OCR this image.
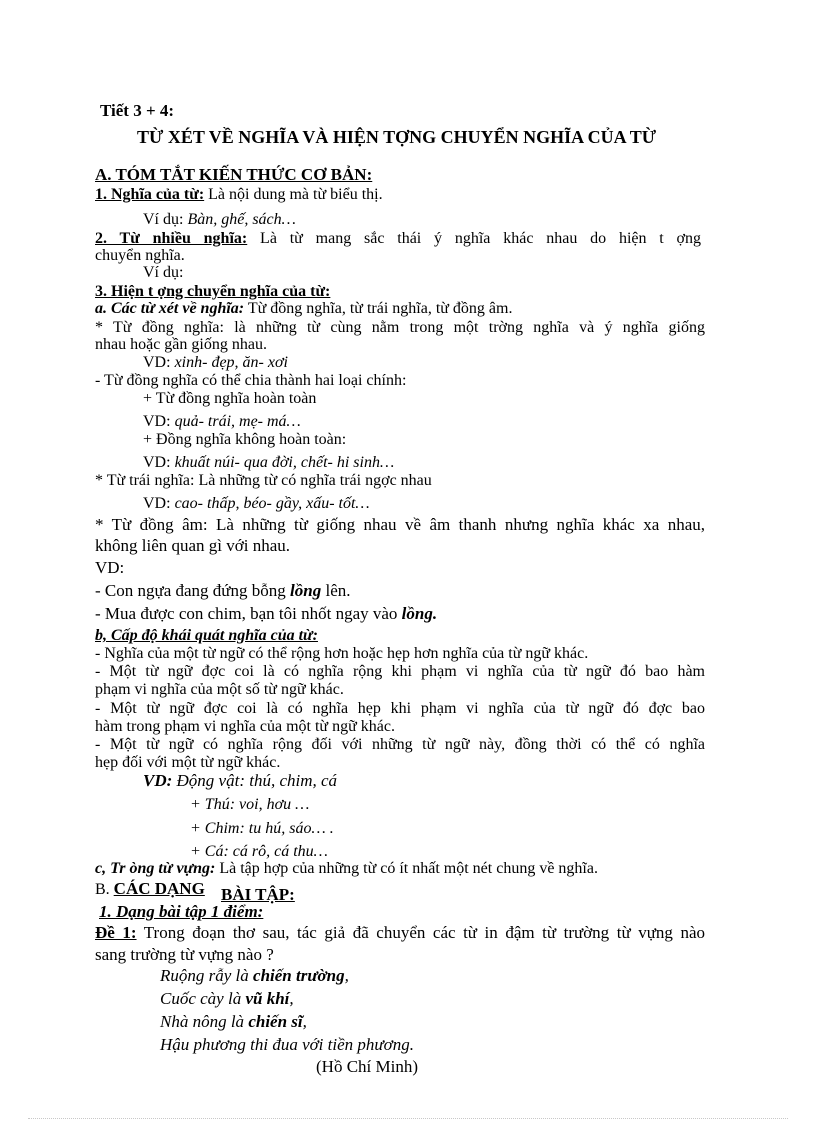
Tiết 3 + 4:
TỪ XÉT VỀ NGHĨA VÀ HIỆN TỢNG CHUYỂN NGHĨA CỦA TỪ
A. TÓM TẮT KIẾN THỨC CƠ BẢN:
1. Nghĩa của từ: Là nội dung mà từ biểu thị.
Ví dụ: Bàn, ghế, sách…
2. Từ nhiều nghĩa: Là từ mang sắc thái ý nghĩa khác nhau do hiện t ợng
chuyển nghĩa.
Ví dụ:
3. Hiện t ợng chuyển nghĩa của từ:
a. Các từ xét về nghĩa: Từ đồng nghĩa, từ trái nghĩa, từ đồng âm.
* Từ đồng nghĩa: là những từ cùng nằm trong một trờng nghĩa và ý nghĩa giống
nhau hoặc gần giống nhau.
VD: xinh- đẹp, ăn- xơi
- Từ đồng nghĩa có thể chia thành hai loại chính:
+ Từ đồng nghĩa hoàn toàn
VD: quả- trái, mẹ- má…
+ Đồng nghĩa không hoàn toàn:
VD: khuất núi- qua đời, chết- hi sinh…
* Từ trái nghĩa: Là những từ có nghĩa trái ngợc nhau
VD: cao- thấp, béo- gầy, xấu- tốt…
* Từ đồng âm: Là những từ giống nhau về âm thanh nhưng nghĩa khác xa nhau,
không liên quan gì với nhau.
VD:
- Con ngựa đang đứng bỗng lồng lên.
- Mua được con chim, bạn tôi nhốt ngay vào lồng.
b, Cấp độ khái quát nghĩa của từ:
- Nghĩa của một từ ngữ có thể rộng hơn hoặc hẹp hơn nghĩa của từ ngữ khác.
- Một từ ngữ đợc coi là có nghĩa rộng khi phạm vi nghĩa của từ ngữ đó bao hàm
phạm vi nghĩa của một số từ ngữ khác.
- Một từ ngữ đợc coi là có nghĩa hẹp khi phạm vi nghĩa của từ ngữ đó đợc bao
hàm trong phạm vi nghĩa của một từ ngữ khác.
- Một từ ngữ có nghĩa rộng đối với những từ ngữ này, đồng thời có thể có nghĩa
hẹp đối với một từ ngữ khác.
VD: Động vật: thú, chim, cá
+ Thú: voi, hơu …
+ Chim: tu hú, sáo… .
+ Cá: cá rô, cá thu…
c, Tr òng từ vựng: Là tập hợp của những từ có ít nhất một nét chung về nghĩa.
B. CÁC DẠNG BÀI TẬP:
1. Dạng bài tập 1 điểm:
Đề 1: Trong đoạn thơ sau, tác giả đã chuyển các từ in đậm từ trường từ vựng nào
sang trường từ vựng nào ?
Ruộng rẫy là chiến trường,
Cuốc cày là vũ khí,
Nhà nông là chiến sĩ,
Hậu phương thi đua với tiền phương.
(Hồ Chí Minh)
